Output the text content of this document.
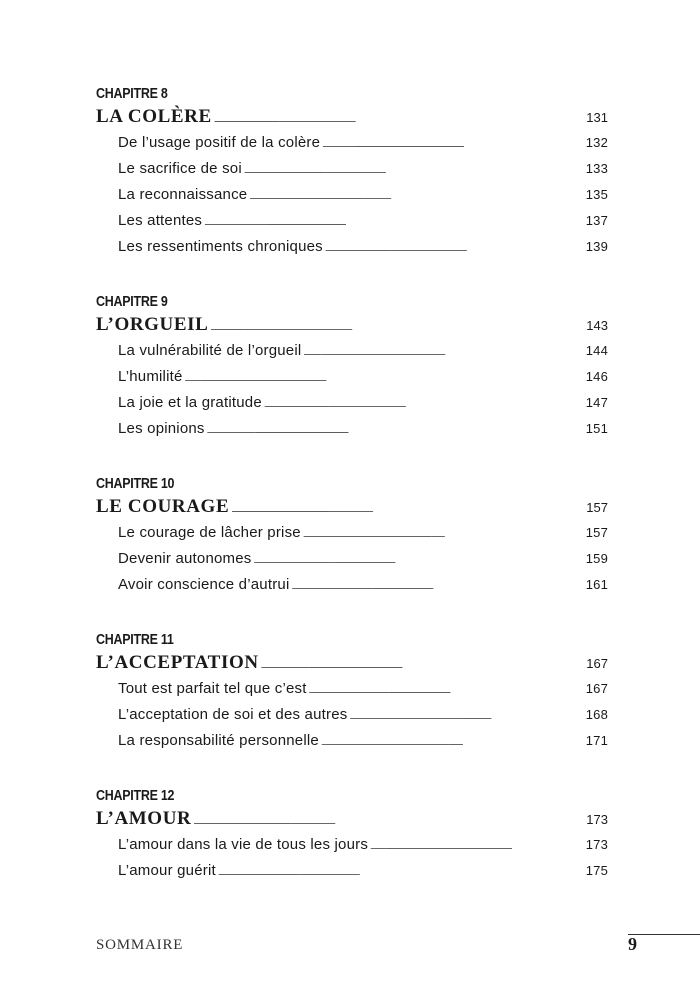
CHAPITRE 8
LA COLÈRE . . .	131
De l’usage positif de la colère . . .	132
Le sacrifice de soi . . .	133
La reconnaissance . . .	135
Les attentes . . .	137
Les ressentiments chroniques . . .	139
CHAPITRE 9
L’ORGUEIL . . .	143
La vulnérabilité de l’orgueil . . .	144
L’humilité . . .	146
La joie et la gratitude . . .	147
Les opinions . . .	151
CHAPITRE 10
LE COURAGE . . .	157
Le courage de lâcher prise . . .	157
Devenir autonomes . . .	159
Avoir conscience d’autrui . . .	161
CHAPITRE 11
L’ACCEPTATION . . .	167
Tout est parfait tel que c’est . . .	167
L’acceptation de soi et des autres . . .	168
La responsabilité personnelle . . .	171
CHAPITRE 12
L’AMOUR . . .	173
L’amour dans la vie de tous les jours . . .	173
L’amour guérit . . .	175
SOMMAIRE	9
